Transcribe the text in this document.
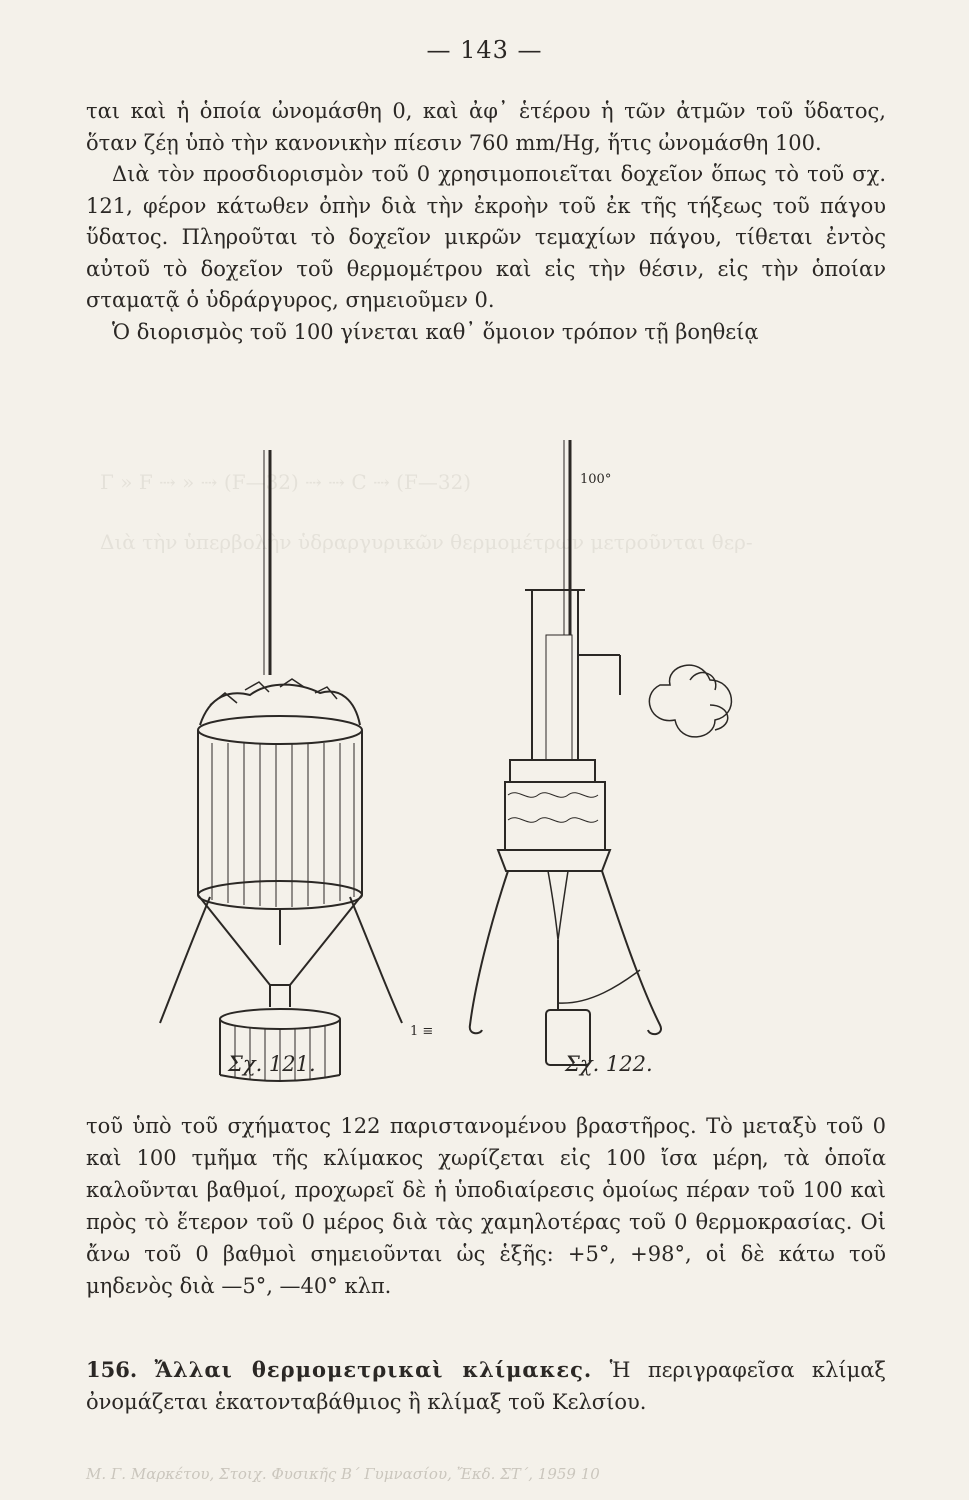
— 143 —
Γ » F ⇢ » ⇢ (F—32) ⇢ ⇢ C ⇢ (F—32)
Διὰ τὴν ὑπερβολὴν ὑδραργυρικῶν θερμομέτρων μετροῦνται θερ-

ται καὶ ἡ ὁποία ὠνομάσθη 0, καὶ ἀφ᾽ ἑτέρου ἡ τῶν ἀτμῶν τοῦ ὕδατος, ὅταν ζέῃ ὑπὸ τὴν κανονικὴν πίεσιν 760 mm/Hg, ἥτις ὠνομάσθη 100.

Διὰ τὸν προσδιορισμὸν τοῦ 0 χρησιμοποιεῖται δοχεῖον ὅπως τὸ τοῦ σχ. 121, φέρον κάτωθεν ὀπὴν διὰ τὴν ἐκροὴν τοῦ ἐκ τῆς τήξεως τοῦ πάγου ὕδατος. Πληροῦται τὸ δοχεῖον μικρῶν τεμαχίων πάγου, τίθεται ἐντὸς αὐτοῦ τὸ δοχεῖον τοῦ θερμομέτρου καὶ εἰς τὴν θέσιν, εἰς τὴν ὁποίαν σταματᾷ ὁ ὑδράργυρος, σημειοῦμεν 0.

Ὁ διορισμὸς τοῦ 100 γίνεται καθ᾽ ὅμοιον τρόπον τῇ βοηθείᾳ

100°
1 ≡
Σχ. 121.	Σχ. 122.

τοῦ ὑπὸ τοῦ σχήματος 122 παριστανομένου βραστῆρος. Τὸ μεταξὺ τοῦ 0 καὶ 100 τμῆμα τῆς κλίμακος χωρίζεται εἰς 100 ἴσα μέρη, τὰ ὁποῖα καλοῦνται βαθμοί, προχωρεῖ δὲ ἡ ὑποδιαίρεσις ὁμοίως πέραν τοῦ 100 καὶ πρὸς τὸ ἕτερον τοῦ 0 μέρος διὰ τὰς χαμηλοτέρας τοῦ 0 θερμοκρασίας. Οἱ ἄνω τοῦ 0 βαθμοὶ σημειοῦνται ὡς ἑξῆς: +5°, +98°, οἱ δὲ κάτω τοῦ μηδενὸς διὰ —5°, —40° κλπ.

156. Ἄλλαι θερμομετρικαὶ κλίμακες. Ἡ περιγραφεῖσα κλίμαξ ὀνομάζεται ἑκατονταβάθμιος ἢ κλίμαξ τοῦ Κελσίου.
Μ. Γ. Μαρκέτου, Στοιχ. Φυσικῆς Β΄ Γυμνασίου, Ἔκδ. ΣΤ΄, 1959 10
